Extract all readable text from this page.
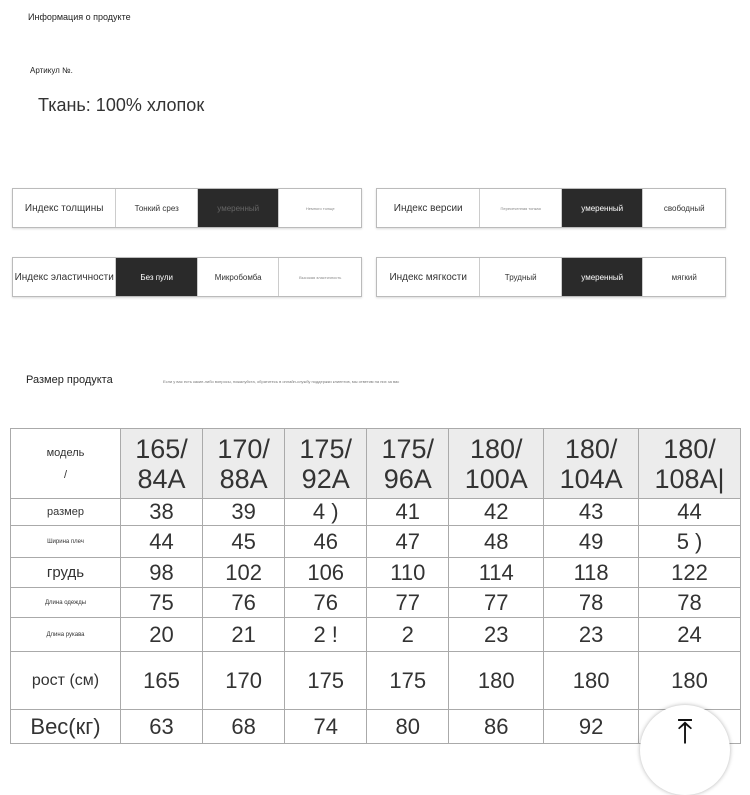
Информация о продукте
Артикул №.
Ткань: 100% хлопок
Индекс толщины	Тонкий срез	умеренный	Немного толще	Индекс версии	Пересеченная тонкая	умеренный	свободный
Индекс эластичности	Без пули	Микробомба	Высокая эластичность	Индекс мягкости	Трудный	умеренный	мягкий
Размер продукта	Если у вас есть какие-либо вопросы, пожалуйста, обратитесь в онлайн-службу поддержки клиентов, мы ответим на них за вас
модель
/	165/ 84A	170/ 88A	175/ 92A	175/ 96A	180/ 100A	180/ 104A	180/ 108A|
размер	38	39	4 )	41	42	43	44
Ширина плеч	44	45	46	47	48	49	5 )
грудь	98	102	106	110	114	118	122
Длина одежды	75	76	76	77	77	78	78
Длина рукава	20	21	2 !	2	23	23	24
рост (см)	165	170	175	175	180	180	180
Вес(кг)	63	68	74	80	86	92	⤒
